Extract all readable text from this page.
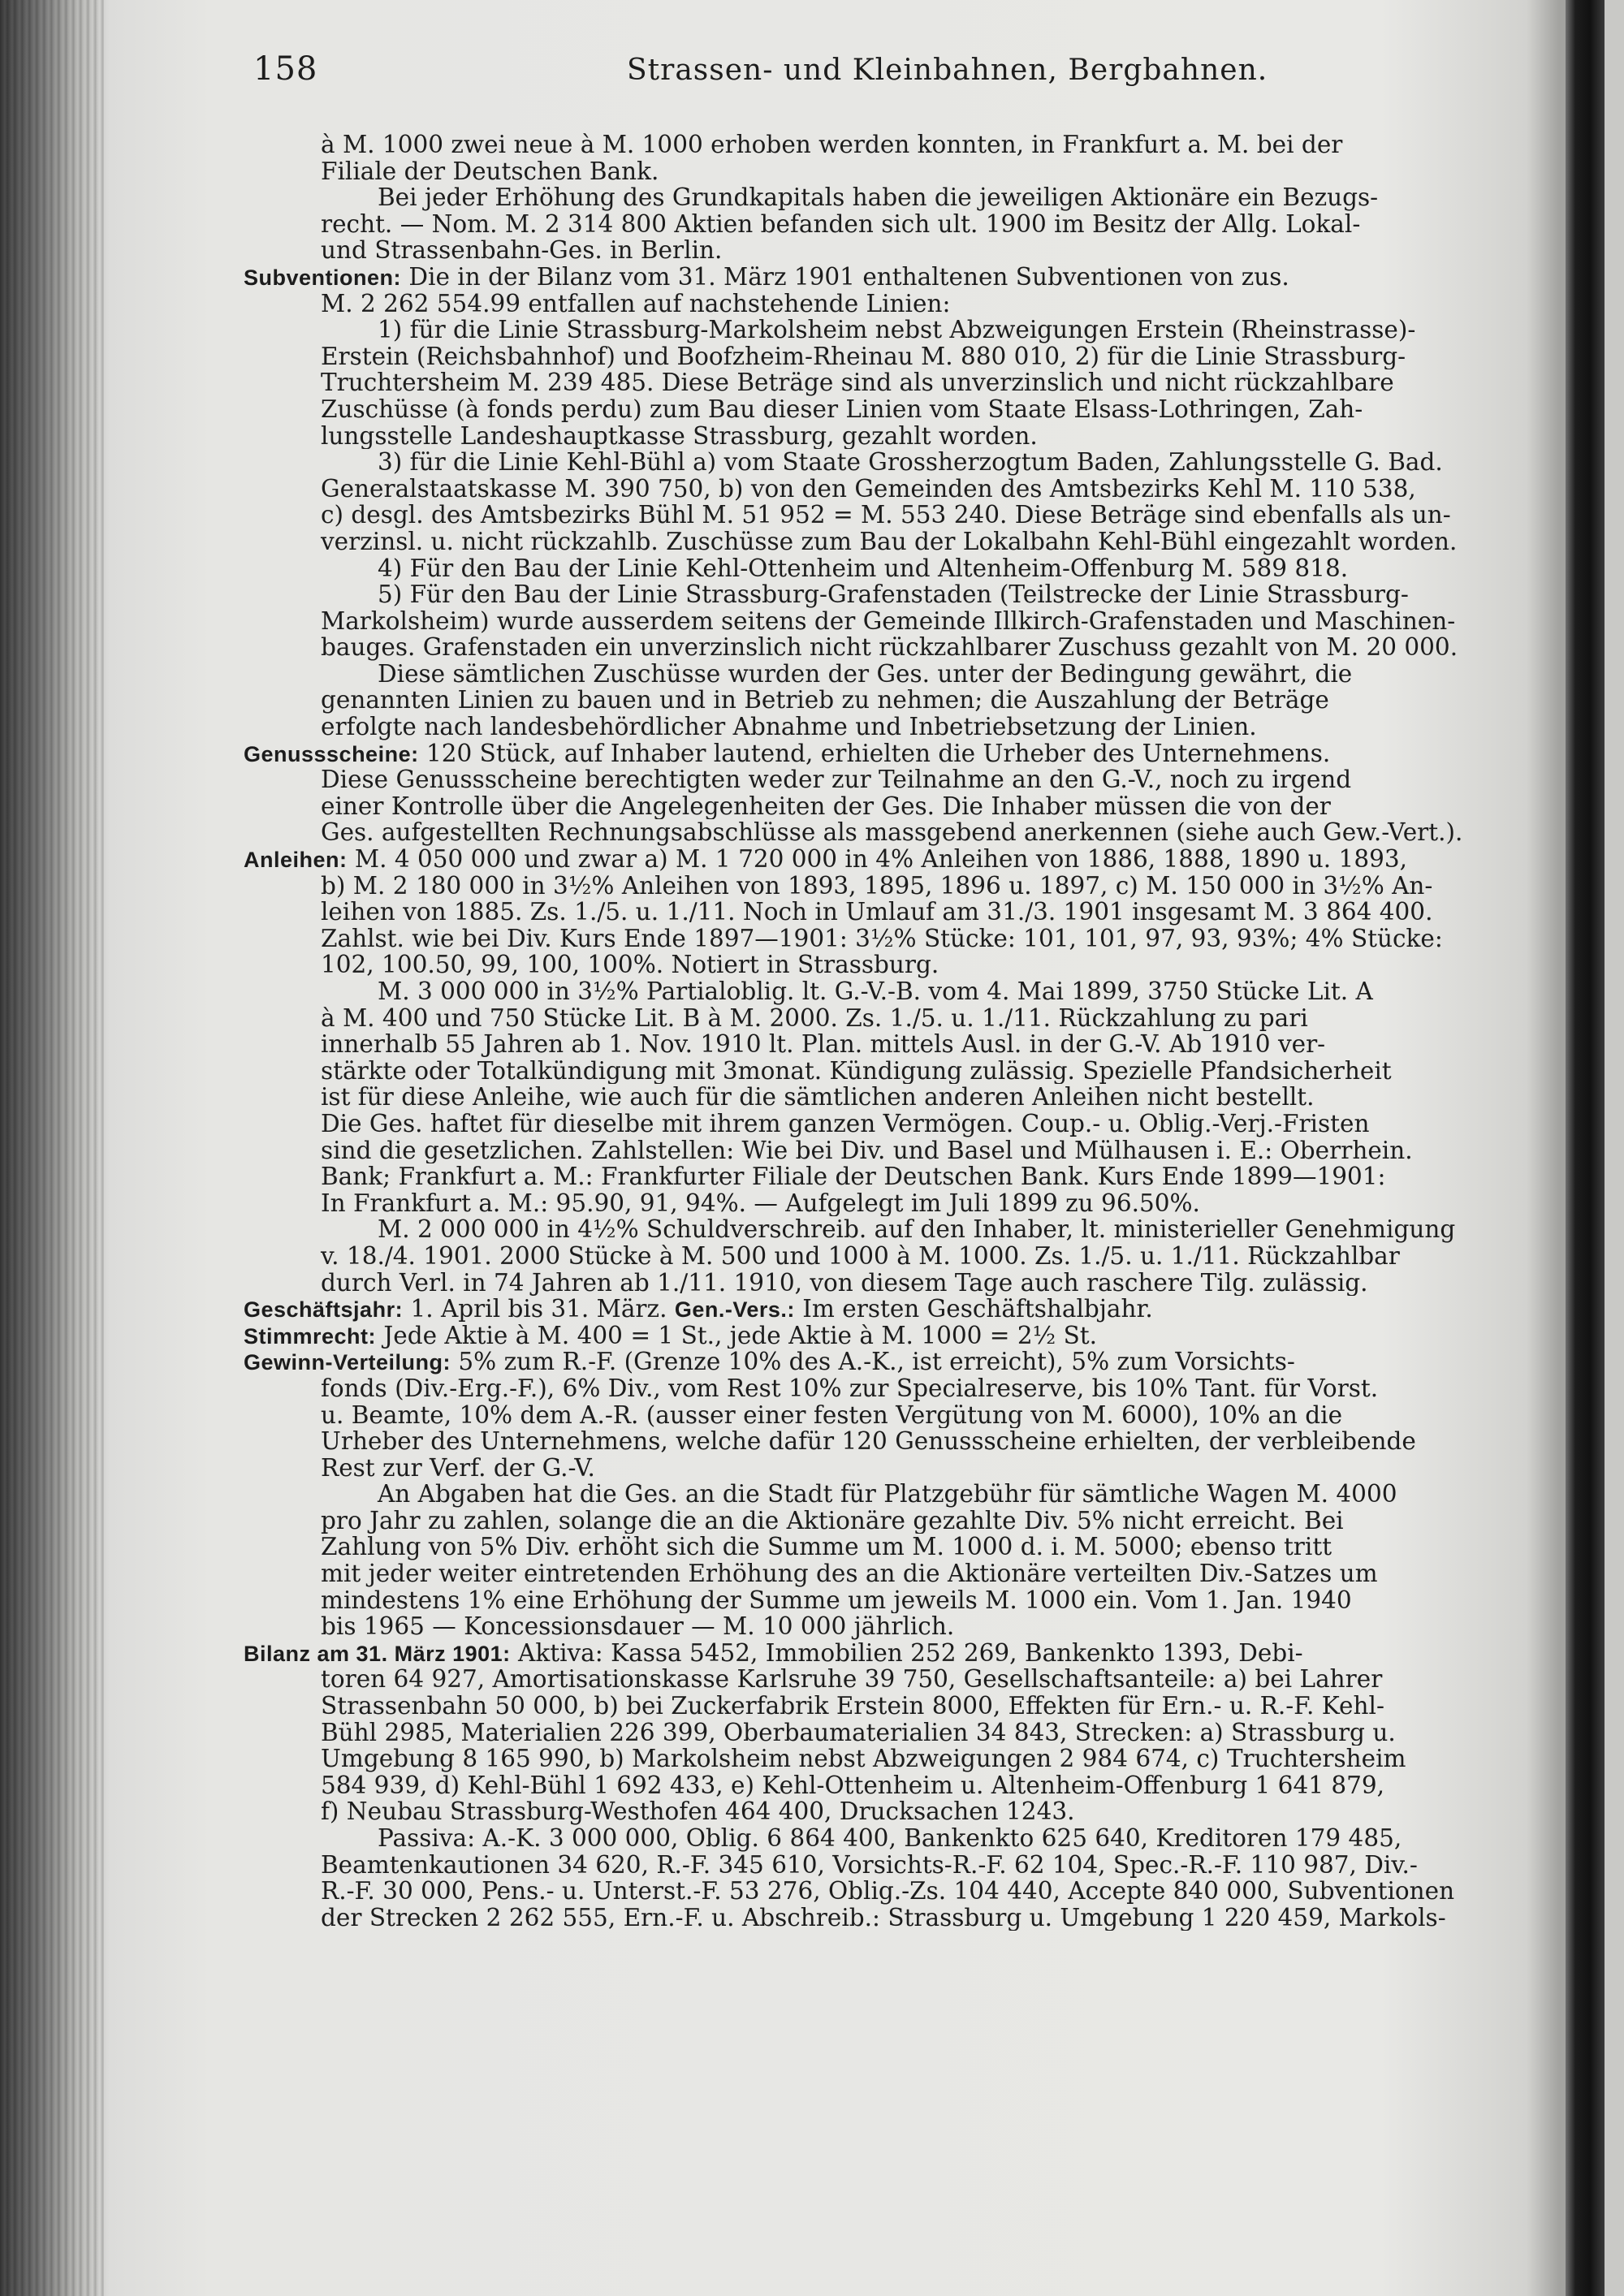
158	Strassen- und Kleinbahnen, Bergbahnen.
à M. 1000 zwei neue à M. 1000 erhoben werden konnten, in Frankfurt a. M. bei der
Filiale der Deutschen Bank.
Bei jeder Erhöhung des Grundkapitals haben die jeweiligen Aktionäre ein Bezugs-
recht. — Nom. M. 2 314 800 Aktien befanden sich ult. 1900 im Besitz der Allg. Lokal-
und Strassenbahn-Ges. in Berlin.
Subventionen: Die in der Bilanz vom 31. März 1901 enthaltenen Subventionen von zus.
M. 2 262 554.99 entfallen auf nachstehende Linien:
1) für die Linie Strassburg-Markolsheim nebst Abzweigungen Erstein (Rheinstrasse)-
Erstein (Reichsbahnhof) und Boofzheim-Rheinau M. 880 010, 2) für die Linie Strassburg-
Truchtersheim M. 239 485. Diese Beträge sind als unverzinslich und nicht rückzahlbare
Zuschüsse (à fonds perdu) zum Bau dieser Linien vom Staate Elsass-Lothringen, Zah-
lungsstelle Landeshauptkasse Strassburg, gezahlt worden.
3) für die Linie Kehl-Bühl a) vom Staate Grossherzogtum Baden, Zahlungsstelle G. Bad.
Generalstaatskasse M. 390 750, b) von den Gemeinden des Amtsbezirks Kehl M. 110 538,
c) desgl. des Amtsbezirks Bühl M. 51 952 = M. 553 240. Diese Beträge sind ebenfalls als un-
verzinsl. u. nicht rückzahlb. Zuschüsse zum Bau der Lokalbahn Kehl-Bühl eingezahlt worden.
4) Für den Bau der Linie Kehl-Ottenheim und Altenheim-Offenburg M. 589 818.
5) Für den Bau der Linie Strassburg-Grafenstaden (Teilstrecke der Linie Strassburg-
Markolsheim) wurde ausserdem seitens der Gemeinde Illkirch-Grafenstaden und Maschinen-
bauges. Grafenstaden ein unverzinslich nicht rückzahlbarer Zuschuss gezahlt von M. 20 000.
Diese sämtlichen Zuschüsse wurden der Ges. unter der Bedingung gewährt, die
genannten Linien zu bauen und in Betrieb zu nehmen; die Auszahlung der Beträge
erfolgte nach landesbehördlicher Abnahme und Inbetriebsetzung der Linien.
Genussscheine: 120 Stück, auf Inhaber lautend, erhielten die Urheber des Unternehmens.
Diese Genussscheine berechtigten weder zur Teilnahme an den G.-V., noch zu irgend
einer Kontrolle über die Angelegenheiten der Ges. Die Inhaber müssen die von der
Ges. aufgestellten Rechnungsabschlüsse als massgebend anerkennen (siehe auch Gew.-Vert.).
Anleihen: M. 4 050 000 und zwar a) M. 1 720 000 in 4% Anleihen von 1886, 1888, 1890 u. 1893,
b) M. 2 180 000 in 3½% Anleihen von 1893, 1895, 1896 u. 1897, c) M. 150 000 in 3½% An-
leihen von 1885. Zs. 1./5. u. 1./11. Noch in Umlauf am 31./3. 1901 insgesamt M. 3 864 400.
Zahlst. wie bei Div. Kurs Ende 1897—1901: 3½% Stücke: 101, 101, 97, 93, 93%; 4% Stücke:
102, 100.50, 99, 100, 100%. Notiert in Strassburg.
M. 3 000 000 in 3½% Partialoblig. lt. G.-V.-B. vom 4. Mai 1899, 3750 Stücke Lit. A
à M. 400 und 750 Stücke Lit. B à M. 2000. Zs. 1./5. u. 1./11. Rückzahlung zu pari
innerhalb 55 Jahren ab 1. Nov. 1910 lt. Plan. mittels Ausl. in der G.-V. Ab 1910 ver-
stärkte oder Totalkündigung mit 3monat. Kündigung zulässig. Spezielle Pfandsicherheit
ist für diese Anleihe, wie auch für die sämtlichen anderen Anleihen nicht bestellt.
Die Ges. haftet für dieselbe mit ihrem ganzen Vermögen. Coup.- u. Oblig.-Verj.-Fristen
sind die gesetzlichen. Zahlstellen: Wie bei Div. und Basel und Mülhausen i. E.: Oberrhein.
Bank; Frankfurt a. M.: Frankfurter Filiale der Deutschen Bank. Kurs Ende 1899—1901:
In Frankfurt a. M.: 95.90, 91, 94%. — Aufgelegt im Juli 1899 zu 96.50%.
M. 2 000 000 in 4½% Schuldverschreib. auf den Inhaber, lt. ministerieller Genehmigung
v. 18./4. 1901. 2000 Stücke à M. 500 und 1000 à M. 1000. Zs. 1./5. u. 1./11. Rückzahlbar
durch Verl. in 74 Jahren ab 1./11. 1910, von diesem Tage auch raschere Tilg. zulässig.
Geschäftsjahr: 1. April bis 31. März. Gen.-Vers.: Im ersten Geschäftshalbjahr.
Stimmrecht: Jede Aktie à M. 400 = 1 St., jede Aktie à M. 1000 = 2½ St.
Gewinn-Verteilung: 5% zum R.-F. (Grenze 10% des A.-K., ist erreicht), 5% zum Vorsichts-
fonds (Div.-Erg.-F.), 6% Div., vom Rest 10% zur Specialreserve, bis 10% Tant. für Vorst.
u. Beamte, 10% dem A.-R. (ausser einer festen Vergütung von M. 6000), 10% an die
Urheber des Unternehmens, welche dafür 120 Genussscheine erhielten, der verbleibende
Rest zur Verf. der G.-V.
An Abgaben hat die Ges. an die Stadt für Platzgebühr für sämtliche Wagen M. 4000
pro Jahr zu zahlen, solange die an die Aktionäre gezahlte Div. 5% nicht erreicht. Bei
Zahlung von 5% Div. erhöht sich die Summe um M. 1000 d. i. M. 5000; ebenso tritt
mit jeder weiter eintretenden Erhöhung des an die Aktionäre verteilten Div.-Satzes um
mindestens 1% eine Erhöhung der Summe um jeweils M. 1000 ein. Vom 1. Jan. 1940
bis 1965 — Koncessionsdauer — M. 10 000 jährlich.
Bilanz am 31. März 1901: Aktiva: Kassa 5452, Immobilien 252 269, Bankenkto 1393, Debi-
toren 64 927, Amortisationskasse Karlsruhe 39 750, Gesellschaftsanteile: a) bei Lahrer
Strassenbahn 50 000, b) bei Zuckerfabrik Erstein 8000, Effekten für Ern.- u. R.-F. Kehl-
Bühl 2985, Materialien 226 399, Oberbaumaterialien 34 843, Strecken: a) Strassburg u.
Umgebung 8 165 990, b) Markolsheim nebst Abzweigungen 2 984 674, c) Truchtersheim
584 939, d) Kehl-Bühl 1 692 433, e) Kehl-Ottenheim u. Altenheim-Offenburg 1 641 879,
f) Neubau Strassburg-Westhofen 464 400, Drucksachen 1243.
Passiva: A.-K. 3 000 000, Oblig. 6 864 400, Bankenkto 625 640, Kreditoren 179 485,
Beamtenkautionen 34 620, R.-F. 345 610, Vorsichts-R.-F. 62 104, Spec.-R.-F. 110 987, Div.-
R.-F. 30 000, Pens.- u. Unterst.-F. 53 276, Oblig.-Zs. 104 440, Accepte 840 000, Subventionen
der Strecken 2 262 555, Ern.-F. u. Abschreib.: Strassburg u. Umgebung 1 220 459, Markols-
